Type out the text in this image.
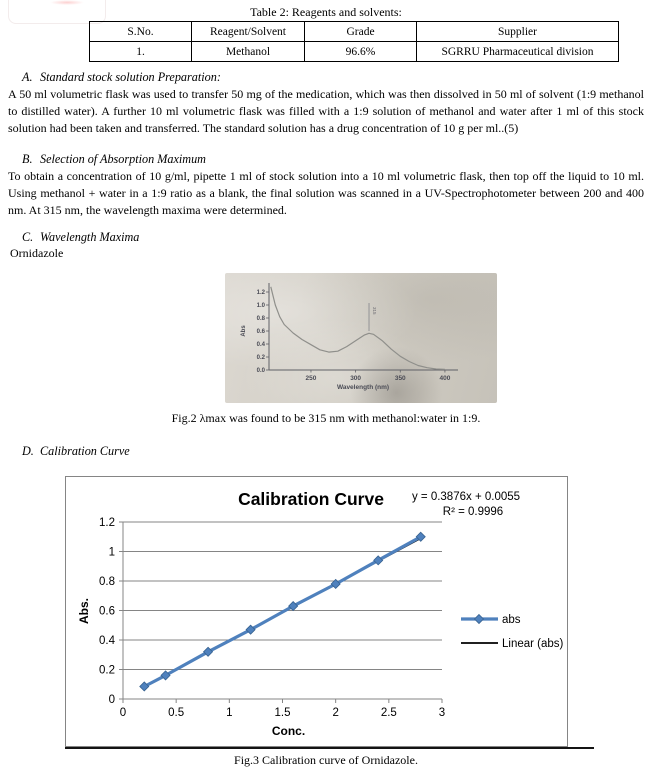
Table 2: Reagents and solvents:
S.No.	Reagent/Solvent	Grade	Supplier
1.	Methanol	96.6%	SGRRU Pharmaceutical division
A. Standard stock solution Preparation:
A 50 ml volumetric flask was used to transfer 50 mg of the medication, which was then dissolved in 50 ml of solvent (1:9 methanol to distilled water). A further 10 ml volumetric flask was filled with a 1:9 solution of methanol and water after 1 ml of this stock solution had been taken and transferred. The standard solution has a drug concentration of 10 g per ml..(5)
B. Selection of Absorption Maximum
To obtain a concentration of 10 g/ml, pipette 1 ml of stock solution into a 10 ml volumetric flask, then top off the liquid to 10 ml. Using methanol + water in a 1:9 ratio as a blank, the final solution was scanned in a UV-Spectrophotometer between 200 and 400 nm. At 315 nm, the wavelength maxima were determined.
C. Wavelength Maxima
Ornidazole
0.0
0.2
0.4
0.6
0.8
1.0
1.2
250	300	350	400
Abs
Wavelength (nm)
315
Fig.2 λmax was found to be 315 nm with methanol:water in 1:9.
D. Calibration Curve
0
0.2
0.4
0.6
0.8
1
1.2
0	0.5	1	1.5	2	2.5	3
Calibration Curve y = 0.3876x + 0.0055
R² = 0.9996
Abs.
Conc.
abs
Linear (abs)
Fig.3 Calibration curve of Ornidazole.
